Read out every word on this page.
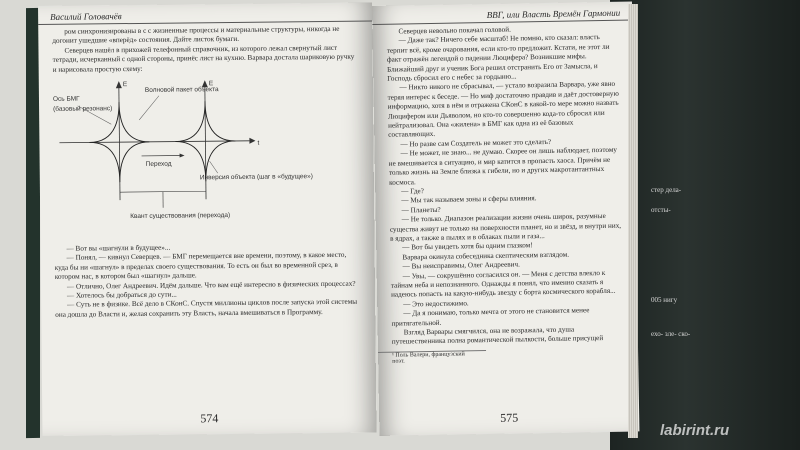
стер дела-
отсты-
005 нигу
ехо- зле- ско-
Василий Головачёв

ром синхронизированы в с с жизненные процессы и материальные структуры, никогда не догонит ушедшие «вперёд» состояния. Дайте листок бумаги.

Северцев нашёл в прихожей телефонный справочник, из которого лежал свернутый лист тетради, исчерканный с одной стороны, принёс лист на кухню. Варвара достала шариковую ручку и нарисовала простую схему:

Ось БМГ
(базовый резонанс)
Волновой пакет объекта
Переход
Инверсия объекта (шаг в «будущее»)
Квант существования (перехода)
E	E
t

— Вот вы «шагнули в будущее»...

— Понял, — кивнул Северцев. — БМГ перемещается вне времени, поэтому, в какое место, куда бы ни «шагнул» в пределах своего существования. То есть он был во временной срез, в котором нас, в котором был «шагнул» дальше.

— Отлично, Олег Андреевич. Идём дальше. Что вам ещё интересно в физических процессах?

— Хотелось бы добраться до сути...

— Суть не в физике. Всё дело в СКонС. Спустя миллионы циклов после запуска этой системы она дошла до Власти и, желая сохранить эту Власть, начала вмешиваться в Программу.

574
ВВГ, или Власть Времён Гармонии

Северцев невольно покачал головой.

— Даже так? Ничего себе масштаб! Не помню, кто сказал: власть терпит всё, кроме очарования, если кто-то предложит. Кстати, не этот ли факт отражён легендой о падении Люцифера? Возникшие мифы. Ближайший друг и ученик Бога решил отстранить Его от Замысла, и Господь сбросил его с небес за гордыню...

— Никто никого не сбрасывал, — устало возразила Варвара, уже явно теряя интерес к беседе. — Но миф достаточно правдив и даёт достоверную информацию, хотя в нём и отражена СКонС в какой-то мере можно назвать Люцифером или Дьяволом, но кто-то совершенно кода-то сбросил или нейтрализовал. Она «жилена» в БМГ как одна из её базовых составляющих.

— Но разве сам Создатель не может это сделать?

— Не может, не знаю... не думаю. Скорее он лишь наблюдает, поэтому не вмешивается в ситуацию, и мир катится в пропасть хаоса. Причём не только жизнь на Земле близка к гибели, но и других макротантантных космоса.

— Где?

— Мы так называем зоны и сферы влияния.

— Планеты?

— Не только. Диапазон реализации жизни очень широк, разумные существа живут не только на поверхности планет, но и звёзд, и внутри них, в ядрах, а также в пылях и в облаках пыли и газа...

— Вот бы увидеть хотя бы одним глазком!

Варвара окинула собеседника скептическим взглядом.

— Вы неисправимы, Олег Андреевич.

— Увы, — сокрушённо согласился он. — Меня с детства влекло к тайнам неба и непознанного. Однажды я понял, что именно сказать я надеюсь попасть на какую-нибудь звезду с борта космического корабля...

— Это недостижимо.

— Да я понимаю, только мечта от этого не становится менее притягательной.

Взгляд Варвары смягчился, она не возражала, что душа путешественника полна романтической пылкости, больше присущей

¹ Поль Валери, французский поэт.
575
labirint.ru
